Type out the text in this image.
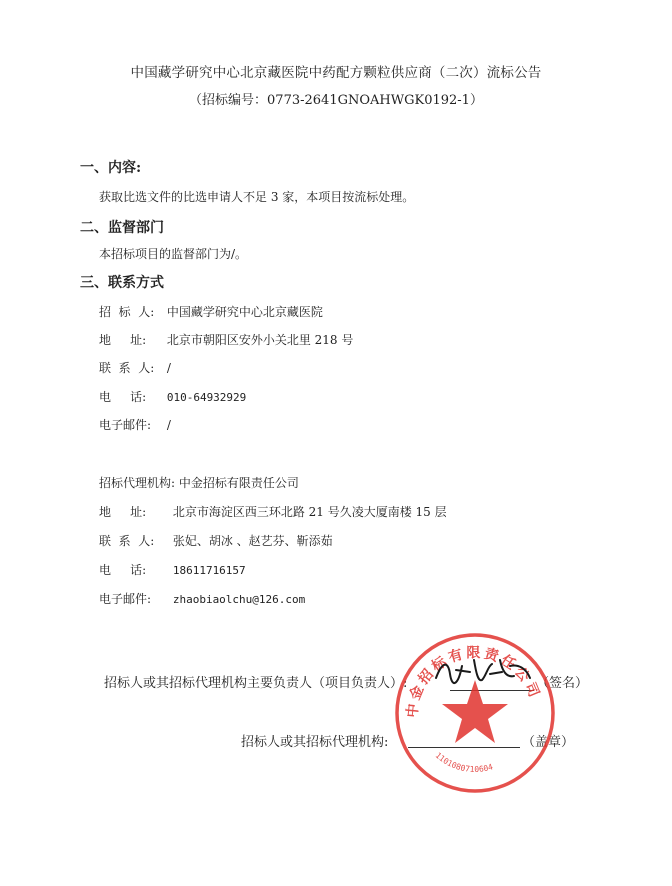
中国藏学研究中心北京藏医院中药配方颗粒供应商（二次）流标公告
（招标编号：0773-2641GNOAHWGK0192-1）
一、内容:
获取比选文件的比选申请人不足 3 家，本项目按流标处理。
二、监督部门
本招标项目的监督部门为/。
三、联系方式
招  标  人: 中国藏学研究中心北京藏医院
地     址: 北京市朝阳区安外小关北里 218 号
联  系  人: /
电     话: 010-64932929
电子邮件: /
招标代理机构: 中金招标有限责任公司
地     址: 北京市海淀区西三环北路 21 号久凌大厦南楼 15 层
联  系  人: 张妃、胡冰 、赵艺芬、靳添茹
电     话: 18611716157
电子邮件: zhaobiaolchu@126.com
招标人或其招标代理机构主要负责人（项目负责人）:	（签名）
招标人或其招标代理机构:	（盖章）
中金招标有限责任公司
1101080710604
